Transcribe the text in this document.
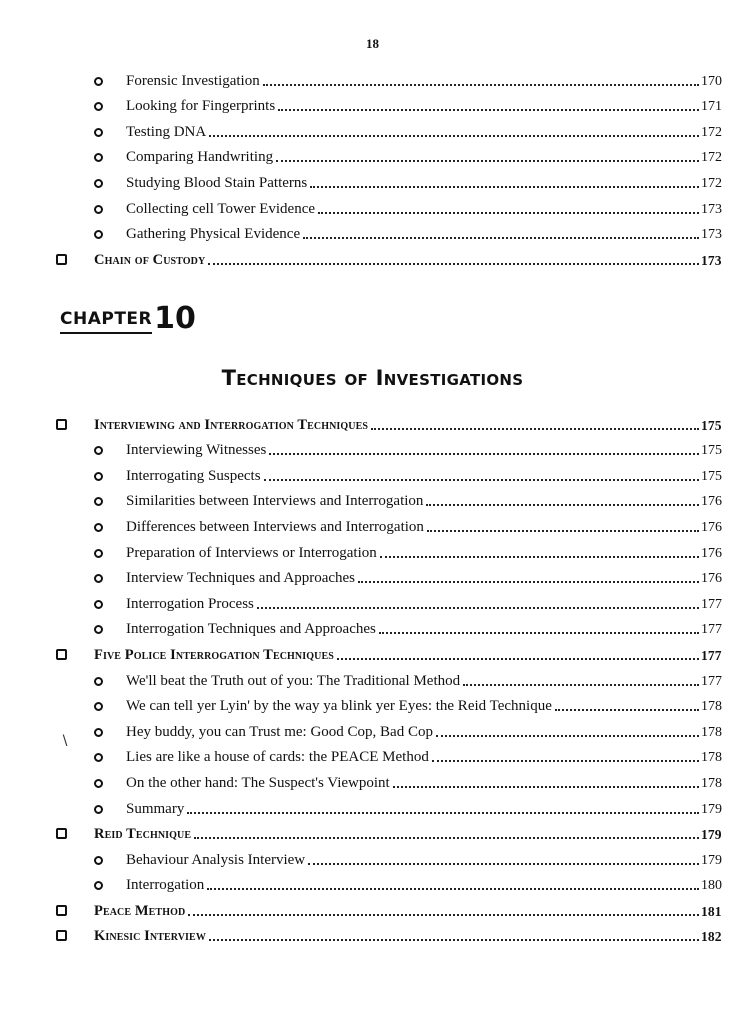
18
Forensic Investigation	170
Looking for Fingerprints	171
Testing DNA	172
Comparing Handwriting	172
Studying Blood Stain Patterns	172
Collecting cell Tower Evidence	173
Gathering Physical Evidence	173
Chain of Custody	173
CHAPTER 10
Techniques of Investigations
Interviewing and Interrogation Techniques	175
Interviewing Witnesses	175
Interrogating Suspects	175
Similarities between Interviews and Interrogation	176
Differences between Interviews and Interrogation	176
Preparation of Interviews or Interrogation	176
Interview Techniques and Approaches	176
Interrogation Process	177
Interrogation Techniques and Approaches	177
Five Police Interrogation Techniques	177
We'll beat the Truth out of you: The Traditional Method	177
We can tell yer Lyin' by the way ya blink yer Eyes: the Reid Technique	178
Hey buddy, you can Trust me: Good Cop, Bad Cop	178
Lies are like a house of cards: the PEACE Method	178
On the other hand: The Suspect's Viewpoint	178
Summary	179
Reid Technique	179
Behaviour Analysis Interview	179
Interrogation	180
Peace Method	181
Kinesic Interview	182
∖
